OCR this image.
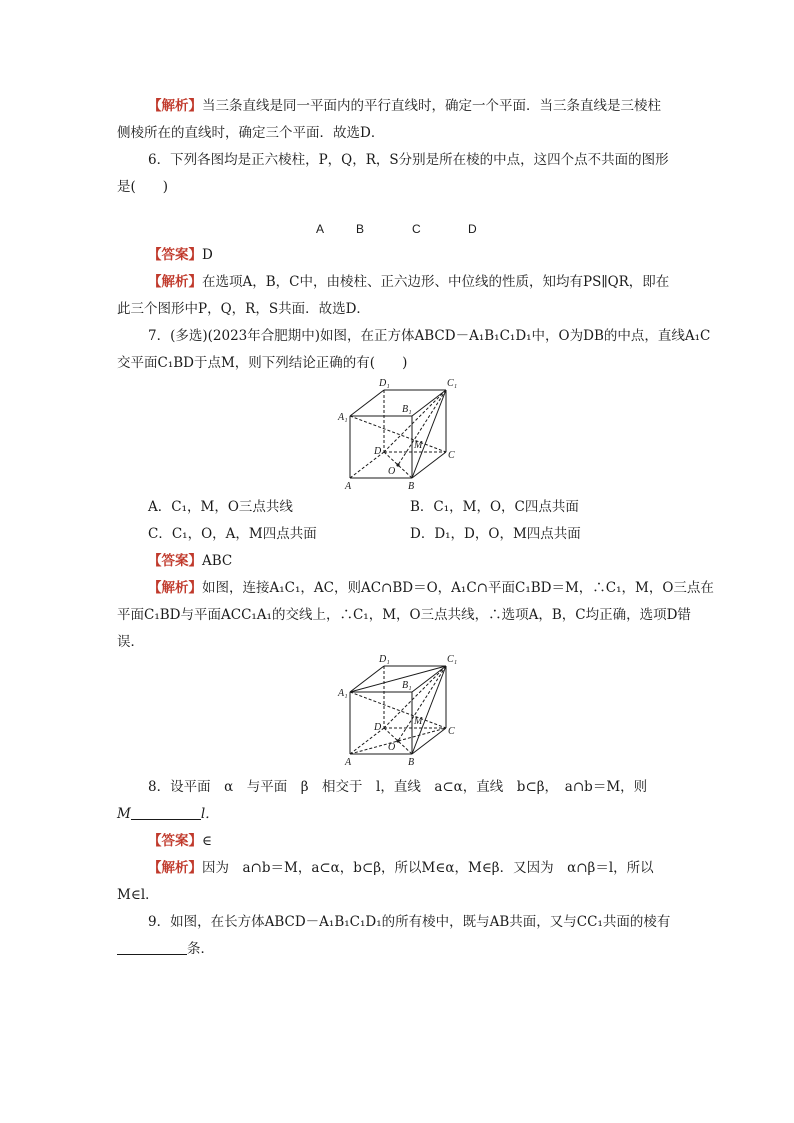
【解析】当三条直线是同一平面内的平行直线时，确定一个平面．当三条直线是三棱柱
侧棱所在的直线时，确定三个平面．故选D．
6．下列各图均是正六棱柱，P，Q，R，S分别是所在棱的中点，这四个点不共面的图形
是(　　)
A	B	C	D
【答案】D
【解析】在选项A，B，C中，由棱柱、正六边形、中位线的性质，知均有PS∥QR，即在
此三个图形中P，Q，R，S共面．故选D．
7．(多选)(2023年合肥期中)如图，在正方体ABCD－A₁B₁C₁D₁中，O为DB的中点，直线A₁C
交平面C₁BD于点M，则下列结论正确的有(　　)
D₁	C₁
A₁
B₁
D	C
M
O
A	B
A．C₁，M，O三点共线	B．C₁，M，O，C四点共面
C．C₁，O，A，M四点共面	D．D₁，D，O，M四点共面
【答案】ABC
【解析】如图，连接A₁C₁，AC，则AC∩BD＝O，A₁C∩平面C₁BD＝M，∴C₁，M，O三点在
平面C₁BD与平面ACC₁A₁的交线上，∴C₁，M，O三点共线，∴选项A，B，C均正确，选项D错
误．
D₁	C₁
A₁
B₁
D	C
M
O
A	B
8．设平面　α　与平面　β　相交于　l，直线　a⊂α，直线　b⊂β，　a∩b＝M，则
M	l．
【答案】∈
【解析】因为　a∩b＝M，a⊂α，b⊂β，所以M∈α，M∈β．又因为　α∩β＝l，所以
M∈l．
9．如图，在长方体ABCD－A₁B₁C₁D₁的所有棱中，既与AB共面，又与CC₁共面的棱有
条．
